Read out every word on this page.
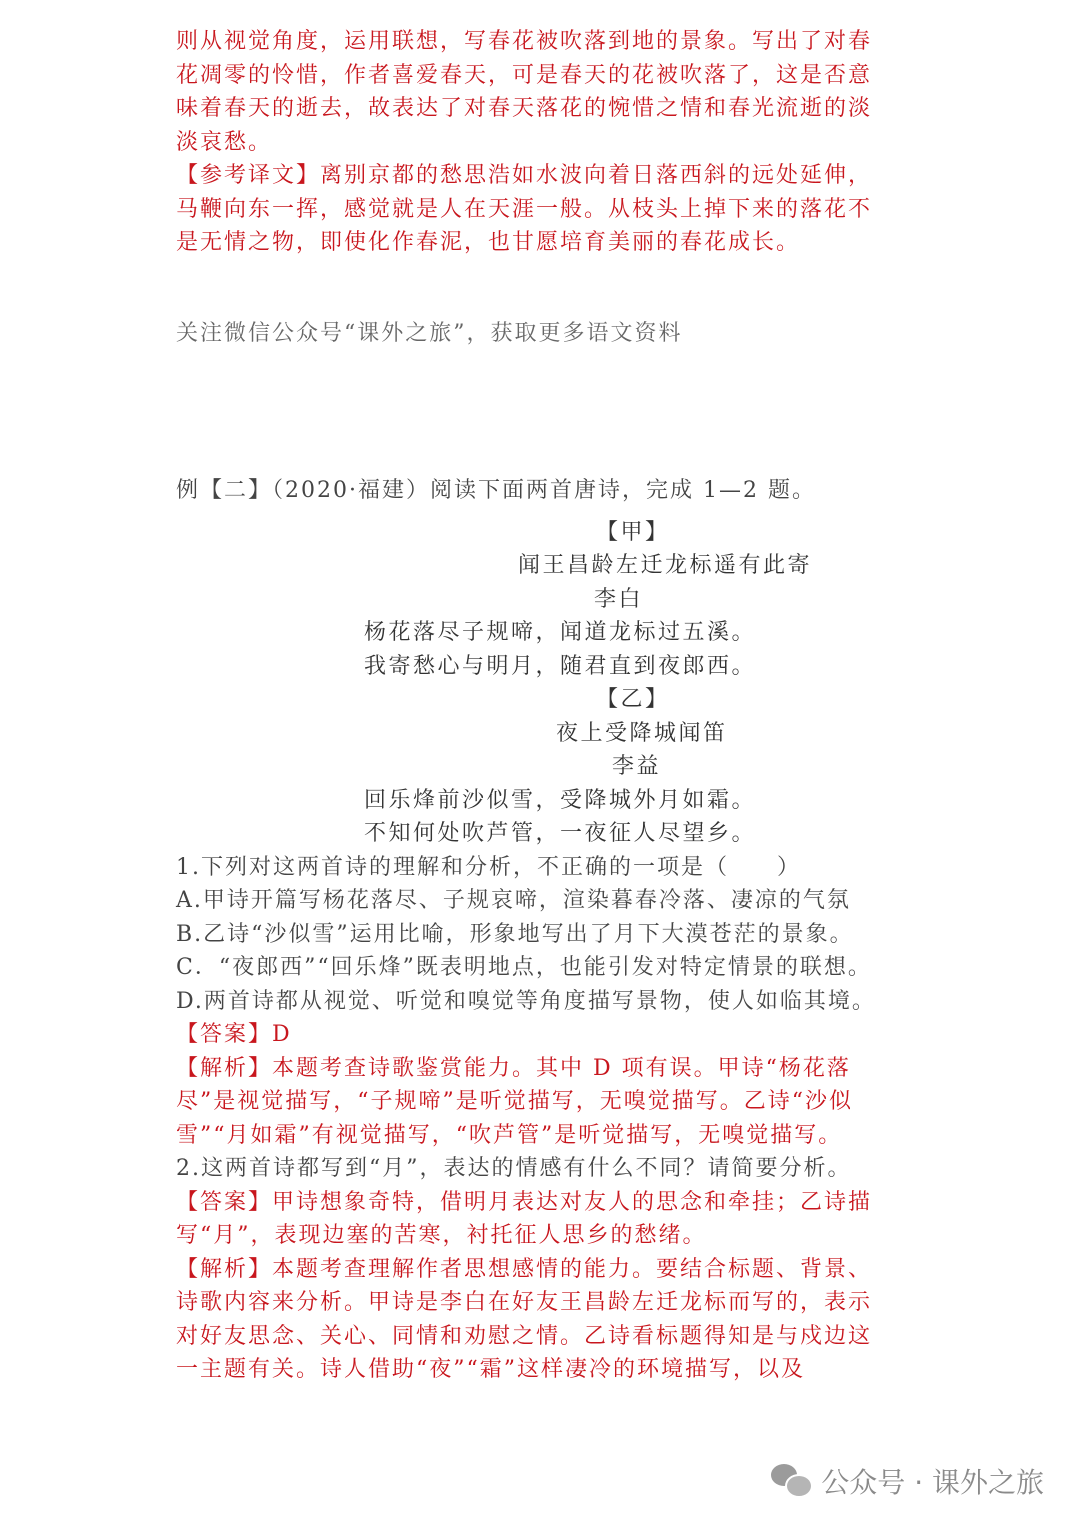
则从视觉角度，运用联想，写春花被吹落到地的景象。写出了对春花凋零的怜惜，作者喜爱春天，可是春天的花被吹落了，这是否意味着春天的逝去，故表达了对春天落花的惋惜之情和春光流逝的淡淡哀愁。

【参考译文】离别京都的愁思浩如水波向着日落西斜的远处延伸，马鞭向东一挥，感觉就是人在天涯一般。从枝头上掉下来的落花不是无情之物，即使化作春泥，也甘愿培育美丽的春花成长。

关注微信公众号“课外之旅”，获取更多语文资料

例【二】（2020·福建）阅读下面两首唐诗，完成 1—2 题。

【甲】
闻王昌龄左迁龙标遥有此寄
李白
杨花落尽子规啼，闻道龙标过五溪。
我寄愁心与明月，随君直到夜郎西。
【乙】
夜上受降城闻笛
李益
回乐烽前沙似雪，受降城外月如霜。
不知何处吹芦管，一夜征人尽望乡。

1.下列对这两首诗的理解和分析，不正确的一项是（　　）

A.甲诗开篇写杨花落尽、子规哀啼，渲染暮春冷落、凄凉的气氛

B.乙诗“沙似雪”运用比喻，形象地写出了月下大漠苍茫的景象。

C．“夜郎西”“回乐烽”既表明地点，也能引发对特定情景的联想。

D.两首诗都从视觉、听觉和嗅觉等角度描写景物，使人如临其境。

【答案】D

【解析】本题考查诗歌鉴赏能力。其中 D 项有误。甲诗“杨花落尽”是视觉描写，“子规啼”是听觉描写，无嗅觉描写。乙诗“沙似雪”“月如霜”有视觉描写，“吹芦管”是听觉描写，无嗅觉描写。

2.这两首诗都写到“月”，表达的情感有什么不同？请简要分析。

【答案】甲诗想象奇特，借明月表达对友人的思念和牵挂；乙诗描写“月”，表现边塞的苦寒，衬托征人思乡的愁绪。

【解析】本题考查理解作者思想感情的能力。要结合标题、背景、诗歌内容来分析。甲诗是李白在好友王昌龄左迁龙标而写的，表示对好友思念、关心、同情和劝慰之情。乙诗看标题得知是与戍边这一主题有关。诗人借助“夜”“霜”这样凄冷的环境描写，以及

公众号 · 课外之旅
